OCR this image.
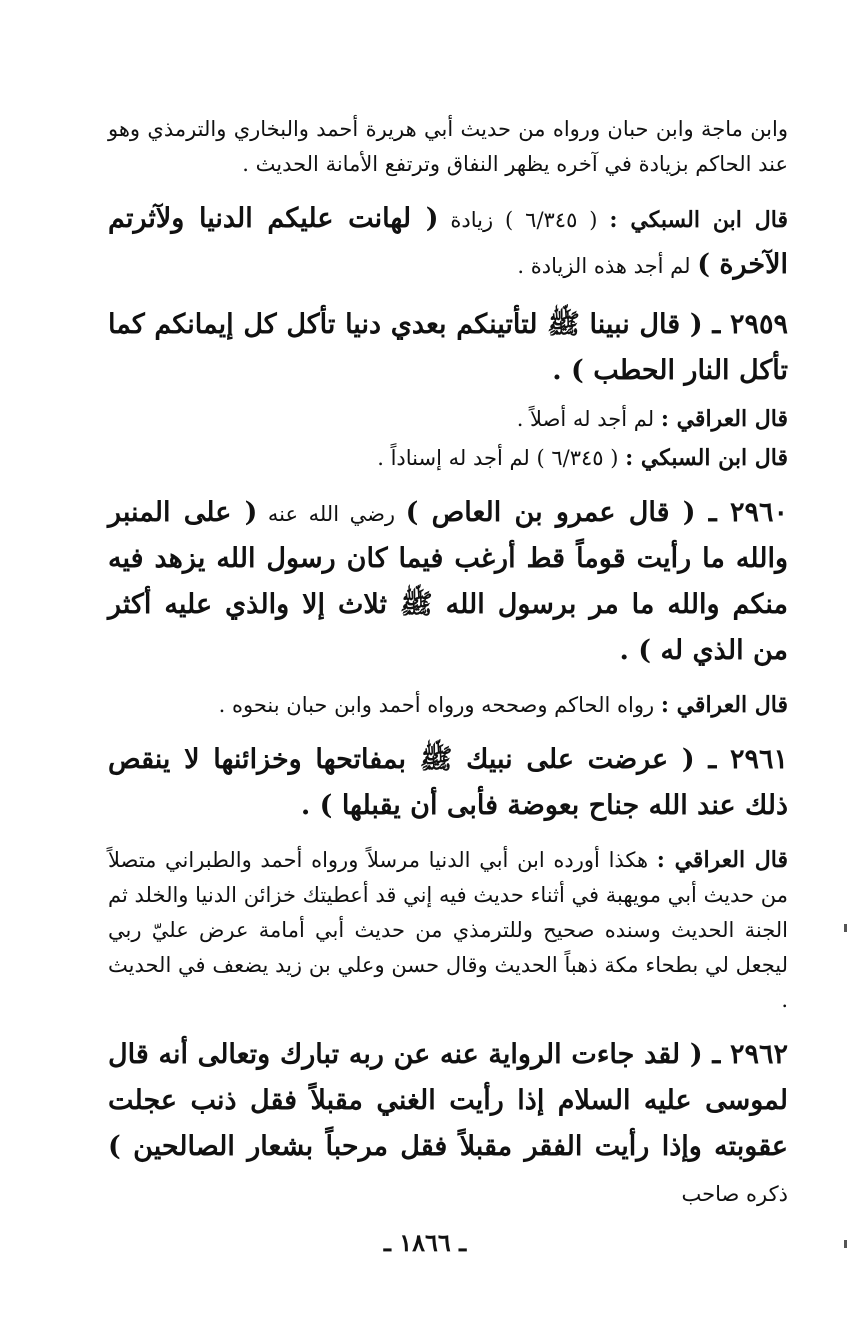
وابن ماجة وابن حبان ورواه من حديث أبي هريرة أحمد والبخاري والترمذي وهو عند الحاكم بزيادة في آخره يظهر النفاق وترتفع الأمانة الحديث .

قال ابن السبكي : ( ٦/٣٤٥ ) زيادة ( لهانت عليكم الدنيا ولآثرتم الآخرة ) لم أجد هذه الزيادة .

٢٩٥٩ ـ ( قال نبينا ﷺ لتأتينكم بعدي دنيا تأكل كل إيمانكم كما تأكل النار الحطب ) .

قال العراقي : لم أجد له أصلاً .

قال ابن السبكي : ( ٦/٣٤٥ ) لم أجد له إسناداً .

٢٩٦٠ ـ ( قال عمرو بن العاص ) رضي الله عنه ( على المنبر والله ما رأيت قوماً قط أرغب فيما كان رسول الله يزهد فيه منكم والله ما مر برسول الله ﷺ ثلاث إلا والذي عليه أكثر من الذي له ) .

قال العراقي : رواه الحاكم وصححه ورواه أحمد وابن حبان بنحوه .

٢٩٦١ ـ ( عرضت على نبيك ﷺ بمفاتحها وخزائنها لا ينقص ذلك عند الله جناح بعوضة فأبى أن يقبلها ) .

قال العراقي : هكذا أورده ابن أبي الدنيا مرسلاً ورواه أحمد والطبراني متصلاً من حديث أبي مويهبة في أثناء حديث فيه إني قد أعطيتك خزائن الدنيا والخلد ثم الجنة الحديث وسنده صحيح وللترمذي من حديث أبي أمامة عرض عليّ ربي ليجعل لي بطحاء مكة ذهباً الحديث وقال حسن وعلي بن زيد يضعف في الحديث .

٢٩٦٢ ـ ( لقد جاءت الرواية عنه عن ربه تبارك وتعالى أنه قال لموسى عليه السلام إذا رأيت الغني مقبلاً فقل ذنب عجلت عقوبته وإذا رأيت الفقر مقبلاً فقل مرحباً بشعار الصالحين ) ذكره صاحب

ـ ١٨٦٦ ـ
